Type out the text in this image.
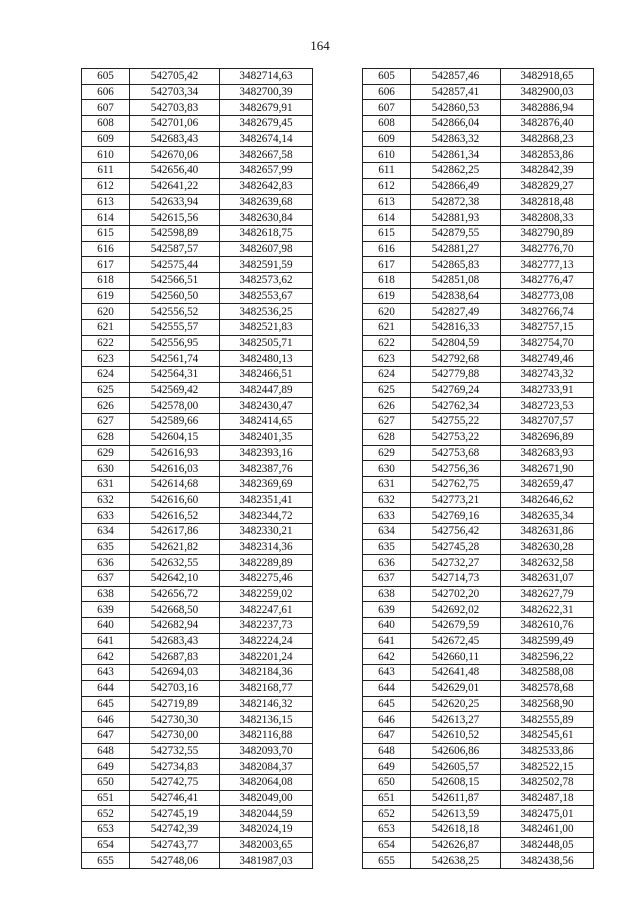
164
605	542705,42	3482714,63		605	542857,46	3482918,65
606	542703,34	3482700,39		606	542857,41	3482900,03
607	542703,83	3482679,91		607	542860,53	3482886,94
608	542701,06	3482679,45		608	542866,04	3482876,40
609	542683,43	3482674,14		609	542863,32	3482868,23
610	542670,06	3482667,58		610	542861,34	3482853,86
611	542656,40	3482657,99		611	542862,25	3482842,39
612	542641,22	3482642,83		612	542866,49	3482829,27
613	542633,94	3482639,68		613	542872,38	3482818,48
614	542615,56	3482630,84		614	542881,93	3482808,33
615	542598,89	3482618,75		615	542879,55	3482790,89
616	542587,57	3482607,98		616	542881,27	3482776,70
617	542575,44	3482591,59		617	542865,83	3482777,13
618	542566,51	3482573,62		618	542851,08	3482776,47
619	542560,50	3482553,67		619	542838,64	3482773,08
620	542556,52	3482536,25		620	542827,49	3482766,74
621	542555,57	3482521,83		621	542816,33	3482757,15
622	542556,95	3482505,71		622	542804,59	3482754,70
623	542561,74	3482480,13		623	542792,68	3482749,46
624	542564,31	3482466,51		624	542779,88	3482743,32
625	542569,42	3482447,89		625	542769,24	3482733,91
626	542578,00	3482430,47		626	542762,34	3482723,53
627	542589,66	3482414,65		627	542755,22	3482707,57
628	542604,15	3482401,35		628	542753,22	3482696,89
629	542616,93	3482393,16		629	542753,68	3482683,93
630	542616,03	3482387,76		630	542756,36	3482671,90
631	542614,68	3482369,69		631	542762,75	3482659,47
632	542616,60	3482351,41		632	542773,21	3482646,62
633	542616,52	3482344,72		633	542769,16	3482635,34
634	542617,86	3482330,21		634	542756,42	3482631,86
635	542621,82	3482314,36		635	542745,28	3482630,28
636	542632,55	3482289,89		636	542732,27	3482632,58
637	542642,10	3482275,46		637	542714,73	3482631,07
638	542656,72	3482259,02		638	542702,20	3482627,79
639	542668,50	3482247,61		639	542692,02	3482622,31
640	542682,94	3482237,73		640	542679,59	3482610,76
641	542683,43	3482224,24		641	542672,45	3482599,49
642	542687,83	3482201,24		642	542660,11	3482596,22
643	542694,03	3482184,36		643	542641,48	3482588,08
644	542703,16	3482168,77		644	542629,01	3482578,68
645	542719,89	3482146,32		645	542620,25	3482568,90
646	542730,30	3482136,15		646	542613,27	3482555,89
647	542730,00	3482116,88		647	542610,52	3482545,61
648	542732,55	3482093,70		648	542606,86	3482533,86
649	542734,83	3482084,37		649	542605,57	3482522,15
650	542742,75	3482064,08		650	542608,15	3482502,78
651	542746,41	3482049,00		651	542611,87	3482487,18
652	542745,19	3482044,59		652	542613,59	3482475,01
653	542742,39	3482024,19		653	542618,18	3482461,00
654	542743,77	3482003,65		654	542626,87	3482448,05
655	542748,06	3481987,03		655	542638,25	3482438,56
